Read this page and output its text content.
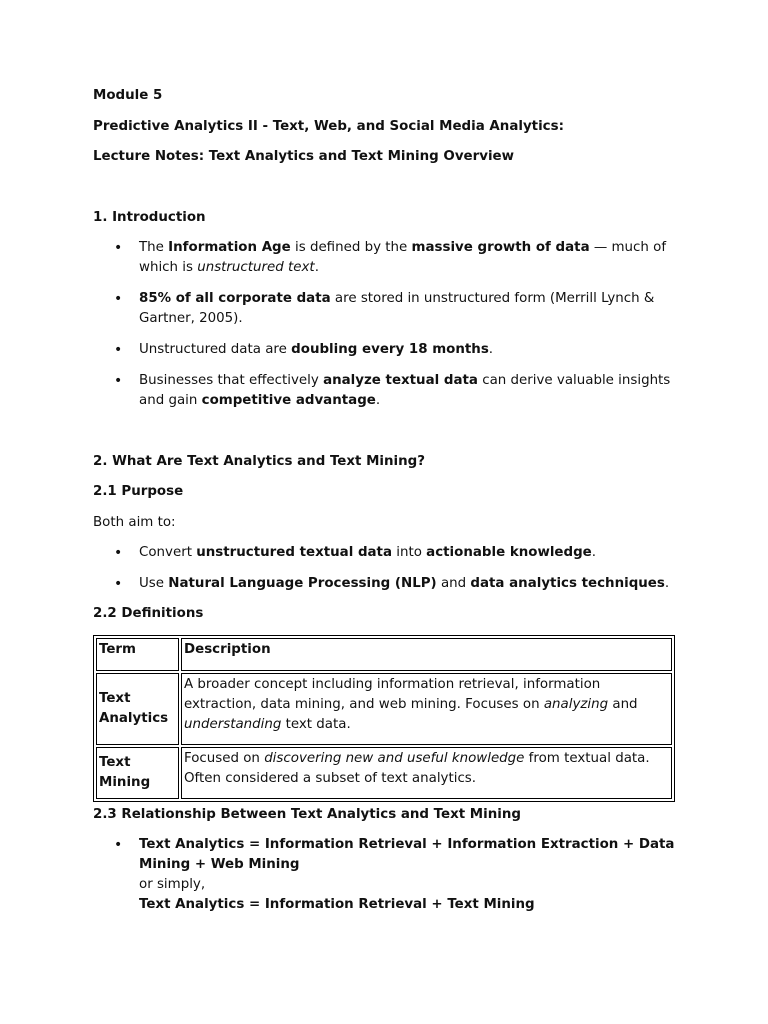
Module 5

Predictive Analytics II - Text, Web, and Social Media Analytics:

Lecture Notes: Text Analytics and Text Mining Overview

1. Introduction

• The Information Age is defined by the massive growth of data — much of which is unstructured text.
• 85% of all corporate data are stored in unstructured form (Merrill Lynch & Gartner, 2005).
• Unstructured data are doubling every 18 months.
• Businesses that effectively analyze textual data can derive valuable insights and gain competitive advantage.

2. What Are Text Analytics and Text Mining?

2.1 Purpose

Both aim to:

• Convert unstructured textual data into actionable knowledge.
• Use Natural Language Processing (NLP) and data analytics techniques.

2.2 Definitions

Term	Description
Text Analytics	A broader concept including information retrieval, information extraction, data mining, and web mining. Focuses on analyzing and understanding text data.
Text Mining	Focused on discovering new and useful knowledge from textual data. Often considered a subset of text analytics.

2.3 Relationship Between Text Analytics and Text Mining

• Text Analytics = Information Retrieval + Information Extraction + Data Mining + Web Mining
or simply,
Text Analytics = Information Retrieval + Text Mining
